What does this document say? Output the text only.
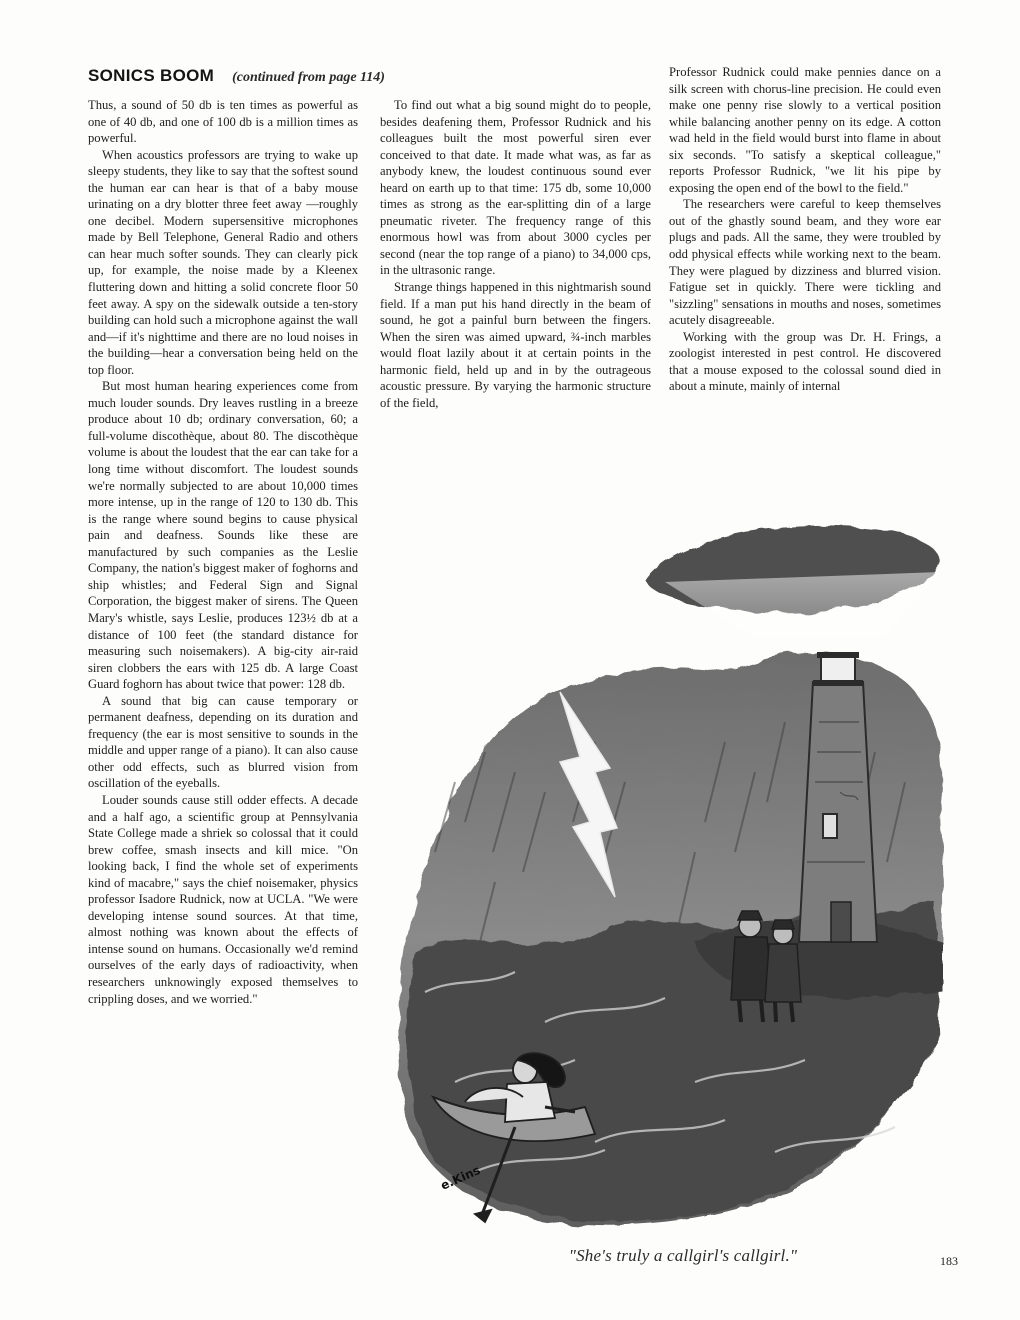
SONICS BOOM (continued from page 114)

Thus, a sound of 50 db is ten times as powerful as one of 40 db, and one of 100 db is a million times as powerful.

When acoustics professors are trying to wake up sleepy students, they like to say that the softest sound the human ear can hear is that of a baby mouse urinating on a dry blotter three feet away —roughly one decibel. Modern supersensitive microphones made by Bell Telephone, General Radio and others can hear much softer sounds. They can clearly pick up, for example, the noise made by a Kleenex fluttering down and hitting a solid concrete floor 50 feet away. A spy on the sidewalk outside a ten-story building can hold such a microphone against the wall and—if it's nighttime and there are no loud noises in the building—hear a conversation being held on the top floor.

But most human hearing experiences come from much louder sounds. Dry leaves rustling in a breeze produce about 10 db; ordinary conversation, 60; a full-volume discothèque, about 80. The discothèque volume is about the loudest that the ear can take for a long time without discomfort. The loudest sounds we're normally subjected to are about 10,000 times more intense, up in the range of 120 to 130 db. This is the range where sound begins to cause physical pain and deafness. Sounds like these are manufactured by such companies as the Leslie Company, the nation's biggest maker of foghorns and ship whistles; and Federal Sign and Signal Corporation, the biggest maker of sirens. The Queen Mary's whistle, says Leslie, produces 123½ db at a distance of 100 feet (the standard distance for measuring such noisemakers). A big-city air-raid siren clobbers the ears with 125 db. A large Coast Guard foghorn has about twice that power: 128 db.

A sound that big can cause temporary or permanent deafness, depending on its duration and frequency (the ear is most sensitive to sounds in the middle and upper range of a piano). It can also cause other odd effects, such as blurred vision from oscillation of the eyeballs.

Louder sounds cause still odder effects. A decade and a half ago, a scientific group at Pennsylvania State College made a shriek so colossal that it could brew coffee, smash insects and kill mice. "On looking back, I find the whole set of experiments kind of macabre," says the chief noisemaker, physics professor Isadore Rudnick, now at UCLA. "We were developing intense sound sources. At that time, almost nothing was known about the effects of intense sound on humans. Occasionally we'd remind ourselves of the early days of radioactivity, when researchers unknowingly exposed themselves to crippling doses, and we worried."

To find out what a big sound might do to people, besides deafening them, Professor Rudnick and his colleagues built the most powerful siren ever conceived to that date. It made what was, as far as anybody knew, the loudest continuous sound ever heard on earth up to that time: 175 db, some 10,000 times as strong as the ear-splitting din of a large pneumatic riveter. The frequency range of this enormous howl was from about 3000 cycles per second (near the top range of a piano) to 34,000 cps, in the ultrasonic range.

Strange things happened in this nightmarish sound field. If a man put his hand directly in the beam of sound, he got a painful burn between the fingers. When the siren was aimed upward, ¾-inch marbles would float lazily about it at certain points in the harmonic field, held up and in by the outrageous acoustic pressure. By varying the harmonic structure of the field,

Professor Rudnick could make pennies dance on a silk screen with chorus-line precision. He could even make one penny rise slowly to a vertical position while balancing another penny on its edge. A cotton wad held in the field would burst into flame in about six seconds. "To satisfy a skeptical colleague," reports Professor Rudnick, "we lit his pipe by exposing the open end of the bowl to the field."

The researchers were careful to keep themselves out of the ghastly sound beam, and they wore ear plugs and pads. All the same, they were troubled by odd physical effects while working next to the beam. They were plagued by dizziness and blurred vision. Fatigue set in quickly. There were tickling and "sizzling" sensations in mouths and noses, sometimes acutely disagreeable.

Working with the group was Dr. H. Frings, a zoologist interested in pest control. He discovered that a mouse exposed to the colossal sound died in about a minute, mainly of internal

e.Kins
"She's truly a callgirl's callgirl."	183
